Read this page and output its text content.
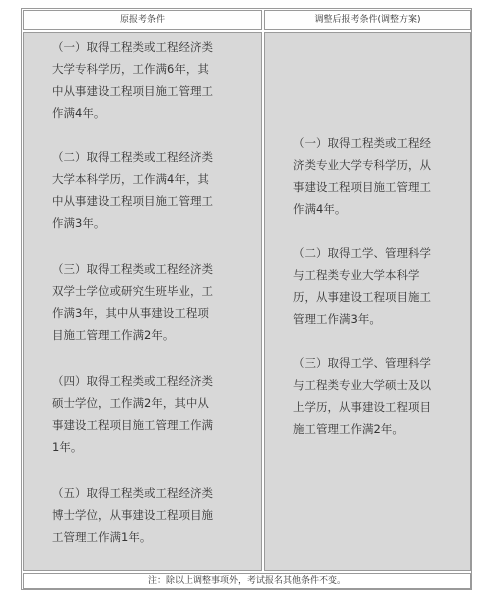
原报考条件	调整后报考条件(调整方案)

（一）取得工程类或工程经济类
大学专科学历，工作满6年，其
中从事建设工程项目施工管理工
作满4年。

（二）取得工程类或工程经济类
大学本科学历，工作满4年，其
中从事建设工程项目施工管理工
作满3年。

（三）取得工程类或工程经济类
双学士学位或研究生班毕业，工
作满3年，其中从事建设工程项
目施工管理工作满2年。

（四）取得工程类或工程经济类
硕士学位，工作满2年，其中从
事建设工程项目施工管理工作满
1年。

（五）取得工程类或工程经济类
博士学位，从事建设工程项目施
工管理工作满1年。

（一）取得工程类或工程经
济类专业大学专科学历，从
事建设工程项目施工管理工
作满4年。

（二）取得工学、管理科学
与工程类专业大学本科学
历，从事建设工程项目施工
管理工作满3年。

（三）取得工学、管理科学
与工程类专业大学硕士及以
上学历，从事建设工程项目
施工管理工作满2年。

注：除以上调整事项外，考试报名其他条件不变。
